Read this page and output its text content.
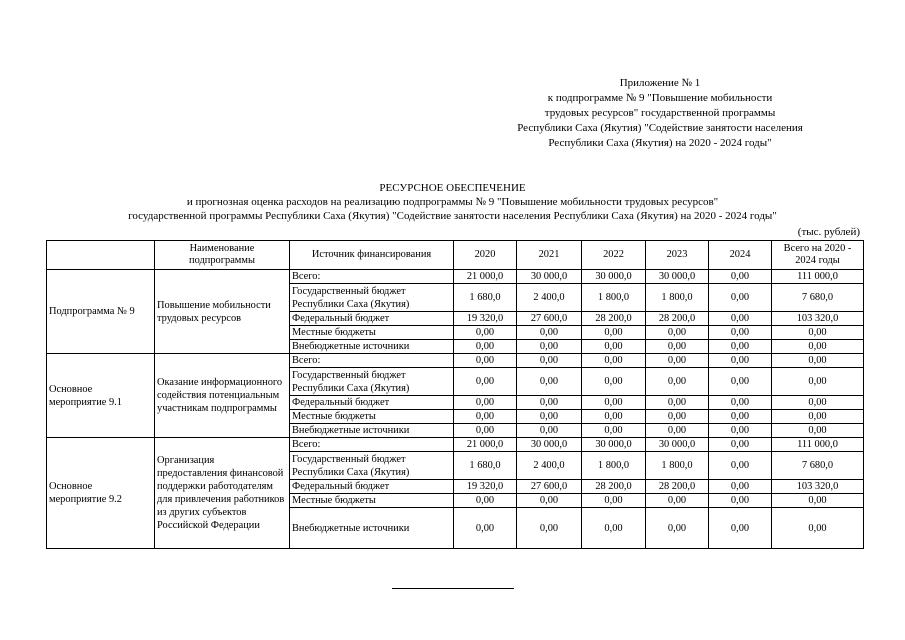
Приложение № 1
к подпрограмме № 9 "Повышение мобильности
трудовых ресурсов" государственной программы
Республики Саха (Якутия) "Содействие занятости населения
Республики Саха (Якутия) на 2020 - 2024 годы"
РЕСУРСНОЕ ОБЕСПЕЧЕНИЕ
и прогнозная оценка расходов на реализацию подпрограммы № 9 "Повышение мобильности трудовых ресурсов"
государственной программы Республики Саха (Якутия) "Содействие занятости населения Республики Саха (Якутия) на 2020 - 2024 годы"
(тыс. рублей)
	Наименование подпрограммы	Источник финансирования	2020	2021	2022	2023	2024	Всего на 2020 - 2024 годы
Подпрограмма № 9	Повышение мобильности трудовых ресурсов	Всего:	21 000,0	30 000,0	30 000,0	30 000,0	0,00	111 000,0
		Государственный бюджет Республики Саха (Якутия)	1 680,0	2 400,0	1 800,0	1 800,0	0,00	7 680,0
		Федеральный бюджет	19 320,0	27 600,0	28 200,0	28 200,0	0,00	103 320,0
		Местные бюджеты	0,00	0,00	0,00	0,00	0,00	0,00
		Внебюджетные источники	0,00	0,00	0,00	0,00	0,00	0,00
Основное мероприятие 9.1	Оказание информационного содействия потенциальным участникам подпрограммы	Всего:	0,00	0,00	0,00	0,00	0,00	0,00
		Государственный бюджет Республики Саха (Якутия)	0,00	0,00	0,00	0,00	0,00	0,00
		Федеральный бюджет	0,00	0,00	0,00	0,00	0,00	0,00
		Местные бюджеты	0,00	0,00	0,00	0,00	0,00	0,00
		Внебюджетные источники	0,00	0,00	0,00	0,00	0,00	0,00
Основное мероприятие 9.2	Организация предоставления финансовой поддержки работодателям для привлечения работников из других субъектов Российской Федерации	Всего:	21 000,0	30 000,0	30 000,0	30 000,0	0,00	111 000,0
		Государственный бюджет Республики Саха (Якутия)	1 680,0	2 400,0	1 800,0	1 800,0	0,00	7 680,0
		Федеральный бюджет	19 320,0	27 600,0	28 200,0	28 200,0	0,00	103 320,0
		Местные бюджеты	0,00	0,00	0,00	0,00	0,00	0,00
		Внебюджетные источники	0,00	0,00	0,00	0,00	0,00	0,00
